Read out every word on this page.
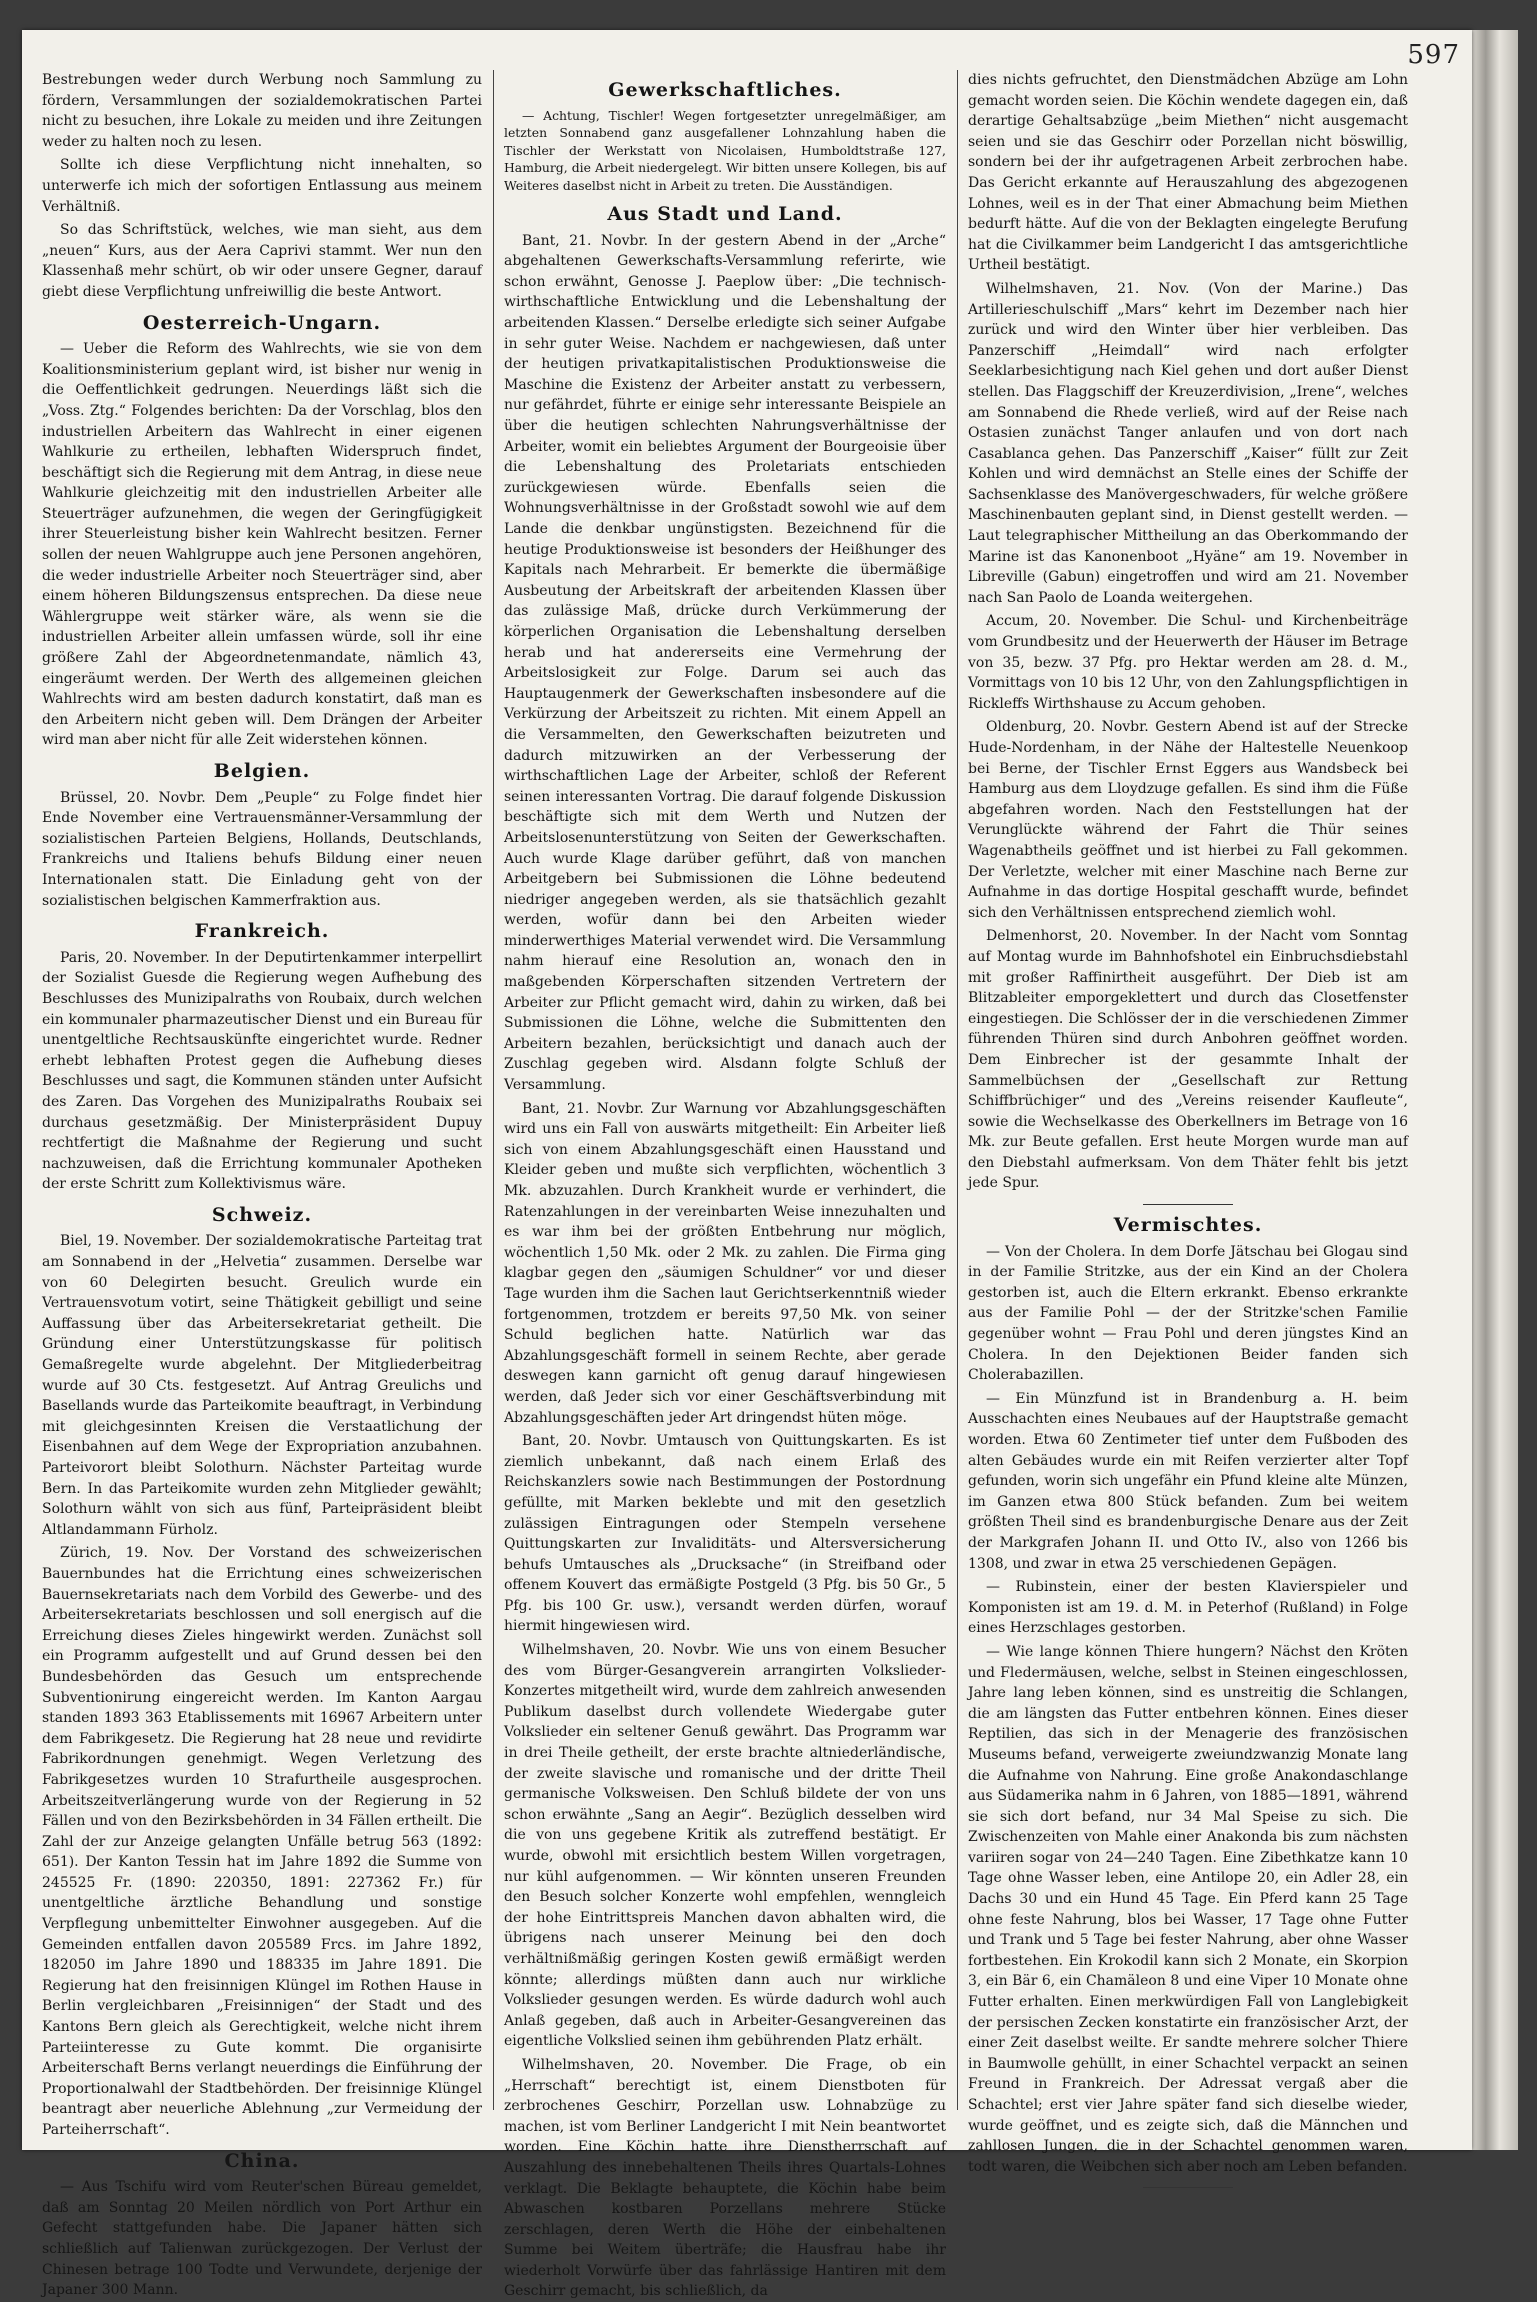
597

Bestrebungen weder durch Werbung noch Sammlung zu fördern, Versammlungen der sozialdemokratischen Partei nicht zu besuchen, ihre Lokale zu meiden und ihre Zeitungen weder zu halten noch zu lesen.

Sollte ich diese Verpflichtung nicht innehalten, so unterwerfe ich mich der sofortigen Entlassung aus meinem Verhältniß.

So das Schriftstück, welches, wie man sieht, aus dem „neuen“ Kurs, aus der Aera Caprivi stammt. Wer nun den Klassenhaß mehr schürt, ob wir oder unsere Gegner, darauf giebt diese Verpflichtung unfreiwillig die beste Antwort.

Oesterreich-Ungarn.

— Ueber die Reform des Wahlrechts, wie sie von dem Koalitionsministerium geplant wird, ist bisher nur wenig in die Oeffentlichkeit gedrungen. Neuerdings läßt sich die „Voss. Ztg.“ Folgendes berichten: Da der Vorschlag, blos den industriellen Arbeitern das Wahlrecht in einer eigenen Wahlkurie zu ertheilen, lebhaften Widerspruch findet, beschäftigt sich die Regierung mit dem Antrag, in diese neue Wahlkurie gleichzeitig mit den industriellen Arbeiter alle Steuerträger aufzunehmen, die wegen der Geringfügigkeit ihrer Steuerleistung bisher kein Wahlrecht besitzen. Ferner sollen der neuen Wahlgruppe auch jene Personen angehören, die weder industrielle Arbeiter noch Steuerträger sind, aber einem höheren Bildungszensus entsprechen. Da diese neue Wählergruppe weit stärker wäre, als wenn sie die industriellen Arbeiter allein umfassen würde, soll ihr eine größere Zahl der Abgeordnetenmandate, nämlich 43, eingeräumt werden. Der Werth des allgemeinen gleichen Wahlrechts wird am besten dadurch konstatirt, daß man es den Arbeitern nicht geben will. Dem Drängen der Arbeiter wird man aber nicht für alle Zeit widerstehen können.

Belgien.

Brüssel, 20. Novbr. Dem „Peuple“ zu Folge findet hier Ende November eine Vertrauensmänner-Versammlung der sozialistischen Parteien Belgiens, Hollands, Deutschlands, Frankreichs und Italiens behufs Bildung einer neuen Internationalen statt. Die Einladung geht von der sozialistischen belgischen Kammerfraktion aus.

Frankreich.

Paris, 20. November. In der Deputirtenkammer interpellirt der Sozialist Guesde die Regierung wegen Aufhebung des Beschlusses des Munizipalraths von Roubaix, durch welchen ein kommunaler pharmazeutischer Dienst und ein Bureau für unentgeltliche Rechtsauskünfte eingerichtet wurde. Redner erhebt lebhaften Protest gegen die Aufhebung dieses Beschlusses und sagt, die Kommunen ständen unter Aufsicht des Zaren. Das Vorgehen des Munizipalraths Roubaix sei durchaus gesetzmäßig. Der Ministerpräsident Dupuy rechtfertigt die Maßnahme der Regierung und sucht nachzuweisen, daß die Errichtung kommunaler Apotheken der erste Schritt zum Kollektivismus wäre.

Schweiz.

Biel, 19. November. Der sozialdemokratische Parteitag trat am Sonnabend in der „Helvetia“ zusammen. Derselbe war von 60 Delegirten besucht. Greulich wurde ein Vertrauensvotum votirt, seine Thätigkeit gebilligt und seine Auffassung über das Arbeitersekretariat getheilt. Die Gründung einer Unterstützungskasse für politisch Gemaßregelte wurde abgelehnt. Der Mitgliederbeitrag wurde auf 30 Cts. festgesetzt. Auf Antrag Greulichs und Basellands wurde das Parteikomite beauftragt, in Verbindung mit gleichgesinnten Kreisen die Verstaatlichung der Eisenbahnen auf dem Wege der Expropriation anzubahnen. Parteivorort bleibt Solothurn. Nächster Parteitag wurde Bern. In das Parteikomite wurden zehn Mitglieder gewählt; Solothurn wählt von sich aus fünf, Parteipräsident bleibt Altlandammann Fürholz.

Zürich, 19. Nov. Der Vorstand des schweizerischen Bauernbundes hat die Errichtung eines schweizerischen Bauernsekretariats nach dem Vorbild des Gewerbe- und des Arbeitersekretariats beschlossen und soll energisch auf die Erreichung dieses Zieles hingewirkt werden. Zunächst soll ein Programm aufgestellt und auf Grund dessen bei den Bundesbehörden das Gesuch um entsprechende Subventionirung eingereicht werden. Im Kanton Aargau standen 1893 363 Etablissements mit 16967 Arbeitern unter dem Fabrikgesetz. Die Regierung hat 28 neue und revidirte Fabrikordnungen genehmigt. Wegen Verletzung des Fabrikgesetzes wurden 10 Strafurtheile ausgesprochen. Arbeitszeitverlängerung wurde von der Regierung in 52 Fällen und von den Bezirksbehörden in 34 Fällen ertheilt. Die Zahl der zur Anzeige gelangten Unfälle betrug 563 (1892: 651). Der Kanton Tessin hat im Jahre 1892 die Summe von 245525 Fr. (1890: 220350, 1891: 227362 Fr.) für unentgeltliche ärztliche Behandlung und sonstige Verpflegung unbemittelter Einwohner ausgegeben. Auf die Gemeinden entfallen davon 205589 Frcs. im Jahre 1892, 182050 im Jahre 1890 und 188335 im Jahre 1891. Die Regierung hat den freisinnigen Klüngel im Rothen Hause in Berlin vergleichbaren „Freisinnigen“ der Stadt und des Kantons Bern gleich als Gerechtigkeit, welche nicht ihrem Parteiinteresse zu Gute kommt. Die organisirte Arbeiterschaft Berns verlangt neuerdings die Einführung der Proportionalwahl der Stadtbehörden. Der freisinnige Klüngel beantragt aber neuerliche Ablehnung „zur Vermeidung der Parteiherrschaft“.

China.

— Aus Tschifu wird vom Reuter'schen Büreau gemeldet, daß am Sonntag 20 Meilen nördlich von Port Arthur ein Gefecht stattgefunden habe. Die Japaner hätten sich schließlich auf Talienwan zurückgezogen. Der Verlust der Chinesen betrage 100 Todte und Verwundete, derjenige der Japaner 300 Mann.

Gewerkschaftliches.

— Achtung, Tischler! Wegen fortgesetzter unregelmäßiger, am letzten Sonnabend ganz ausgefallener Lohnzahlung haben die Tischler der Werkstatt von Nicolaisen, Humboldtstraße 127, Hamburg, die Arbeit niedergelegt. Wir bitten unsere Kollegen, bis auf Weiteres daselbst nicht in Arbeit zu treten. Die Ausständigen.

Aus Stadt und Land.

Bant, 21. Novbr. In der gestern Abend in der „Arche“ abgehaltenen Gewerkschafts-Versammlung referirte, wie schon erwähnt, Genosse J. Paeplow über: „Die technisch-wirthschaftliche Entwicklung und die Lebenshaltung der arbeitenden Klassen.“ Derselbe erledigte sich seiner Aufgabe in sehr guter Weise. Nachdem er nachgewiesen, daß unter der heutigen privatkapitalistischen Produktionsweise die Maschine die Existenz der Arbeiter anstatt zu verbessern, nur gefährdet, führte er einige sehr interessante Beispiele an über die heutigen schlechten Nahrungsverhältnisse der Arbeiter, womit ein beliebtes Argument der Bourgeoisie über die Lebenshaltung des Proletariats entschieden zurückgewiesen würde. Ebenfalls seien die Wohnungsverhältnisse in der Großstadt sowohl wie auf dem Lande die denkbar ungünstigsten. Bezeichnend für die heutige Produktionsweise ist besonders der Heißhunger des Kapitals nach Mehrarbeit. Er bemerkte die übermäßige Ausbeutung der Arbeitskraft der arbeitenden Klassen über das zulässige Maß, drücke durch Verkümmerung der körperlichen Organisation die Lebenshaltung derselben herab und hat andererseits eine Vermehrung der Arbeitslosigkeit zur Folge. Darum sei auch das Hauptaugenmerk der Gewerkschaften insbesondere auf die Verkürzung der Arbeitszeit zu richten. Mit einem Appell an die Versammelten, den Gewerkschaften beizutreten und dadurch mitzuwirken an der Verbesserung der wirthschaftlichen Lage der Arbeiter, schloß der Referent seinen interessanten Vortrag. Die darauf folgende Diskussion beschäftigte sich mit dem Werth und Nutzen der Arbeitslosenunterstützung von Seiten der Gewerkschaften. Auch wurde Klage darüber geführt, daß von manchen Arbeitgebern bei Submissionen die Löhne bedeutend niedriger angegeben werden, als sie thatsächlich gezahlt werden, wofür dann bei den Arbeiten wieder minderwerthiges Material verwendet wird. Die Versammlung nahm hierauf eine Resolution an, wonach den in maßgebenden Körperschaften sitzenden Vertretern der Arbeiter zur Pflicht gemacht wird, dahin zu wirken, daß bei Submissionen die Löhne, welche die Submittenten den Arbeitern bezahlen, berücksichtigt und danach auch der Zuschlag gegeben wird. Alsdann folgte Schluß der Versammlung.

Bant, 21. Novbr. Zur Warnung vor Abzahlungsgeschäften wird uns ein Fall von auswärts mitgetheilt: Ein Arbeiter ließ sich von einem Abzahlungsgeschäft einen Hausstand und Kleider geben und mußte sich verpflichten, wöchentlich 3 Mk. abzuzahlen. Durch Krankheit wurde er verhindert, die Ratenzahlungen in der vereinbarten Weise innezuhalten und es war ihm bei der größten Entbehrung nur möglich, wöchentlich 1,50 Mk. oder 2 Mk. zu zahlen. Die Firma ging klagbar gegen den „säumigen Schuldner“ vor und dieser Tage wurden ihm die Sachen laut Gerichtserkenntniß wieder fortgenommen, trotzdem er bereits 97,50 Mk. von seiner Schuld beglichen hatte. Natürlich war das Abzahlungsgeschäft formell in seinem Rechte, aber gerade deswegen kann garnicht oft genug darauf hingewiesen werden, daß Jeder sich vor einer Geschäftsverbindung mit Abzahlungsgeschäften jeder Art dringendst hüten möge.

Bant, 20. Novbr. Umtausch von Quittungskarten. Es ist ziemlich unbekannt, daß nach einem Erlaß des Reichskanzlers sowie nach Bestimmungen der Postordnung gefüllte, mit Marken beklebte und mit den gesetzlich zulässigen Eintragungen oder Stempeln versehene Quittungskarten zur Invaliditäts- und Altersversicherung behufs Umtausches als „Drucksache“ (in Streifband oder offenem Kouvert das ermäßigte Postgeld (3 Pfg. bis 50 Gr., 5 Pfg. bis 100 Gr. usw.), versandt werden dürfen, worauf hiermit hingewiesen wird.

Wilhelmshaven, 20. Novbr. Wie uns von einem Besucher des vom Bürger-Gesangverein arrangirten Volkslieder-Konzertes mitgetheilt wird, wurde dem zahlreich anwesenden Publikum daselbst durch vollendete Wiedergabe guter Volkslieder ein seltener Genuß gewährt. Das Programm war in drei Theile getheilt, der erste brachte altniederländische, der zweite slavische und romanische und der dritte Theil germanische Volksweisen. Den Schluß bildete der von uns schon erwähnte „Sang an Aegir“. Bezüglich desselben wird die von uns gegebene Kritik als zutreffend bestätigt. Er wurde, obwohl mit ersichtlich bestem Willen vorgetragen, nur kühl aufgenommen. — Wir könnten unseren Freunden den Besuch solcher Konzerte wohl empfehlen, wenngleich der hohe Eintrittspreis Manchen davon abhalten wird, die übrigens nach unserer Meinung bei den doch verhältnißmäßig geringen Kosten gewiß ermäßigt werden könnte; allerdings müßten dann auch nur wirkliche Volkslieder gesungen werden. Es würde dadurch wohl auch Anlaß gegeben, daß auch in Arbeiter-Gesangvereinen das eigentliche Volkslied seinen ihm gebührenden Platz erhält.

Wilhelmshaven, 20. November. Die Frage, ob ein „Herrschaft“ berechtigt ist, einem Dienstboten für zerbrochenes Geschirr, Porzellan usw. Lohnabzüge zu machen, ist vom Berliner Landgericht I mit Nein beantwortet worden. Eine Köchin hatte ihre Dienstherrschaft auf Auszahlung des innebehaltenen Theils ihres Quartals-Lohnes verklagt. Die Beklagte behauptete, die Köchin habe beim Abwaschen kostbaren Porzellans mehrere Stücke zerschlagen, deren Werth die Höhe der einbehaltenen Summe bei Weitem überträfe; die Hausfrau habe ihr wiederholt Vorwürfe über das fahrlässige Hantiren mit dem Geschirr gemacht, bis schließlich, da

dies nichts gefruchtet, den Dienstmädchen Abzüge am Lohn gemacht worden seien. Die Köchin wendete dagegen ein, daß derartige Gehaltsabzüge „beim Miethen“ nicht ausgemacht seien und sie das Geschirr oder Porzellan nicht böswillig, sondern bei der ihr aufgetragenen Arbeit zerbrochen habe. Das Gericht erkannte auf Herauszahlung des abgezogenen Lohnes, weil es in der That einer Abmachung beim Miethen bedurft hätte. Auf die von der Beklagten eingelegte Berufung hat die Civilkammer beim Landgericht I das amtsgerichtliche Urtheil bestätigt.

Wilhelmshaven, 21. Nov. (Von der Marine.) Das Artillerieschulschiff „Mars“ kehrt im Dezember nach hier zurück und wird den Winter über hier verbleiben. Das Panzerschiff „Heimdall“ wird nach erfolgter Seeklarbesichtigung nach Kiel gehen und dort außer Dienst stellen. Das Flaggschiff der Kreuzerdivision, „Irene“, welches am Sonnabend die Rhede verließ, wird auf der Reise nach Ostasien zunächst Tanger anlaufen und von dort nach Casablanca gehen. Das Panzerschiff „Kaiser“ füllt zur Zeit Kohlen und wird demnächst an Stelle eines der Schiffe der Sachsenklasse des Manövergeschwaders, für welche größere Maschinenbauten geplant sind, in Dienst gestellt werden. — Laut telegraphischer Mittheilung an das Oberkommando der Marine ist das Kanonenboot „Hyäne“ am 19. November in Libreville (Gabun) eingetroffen und wird am 21. November nach San Paolo de Loanda weitergehen.

Accum, 20. November. Die Schul- und Kirchenbeiträge vom Grundbesitz und der Heuerwerth der Häuser im Betrage von 35, bezw. 37 Pfg. pro Hektar werden am 28. d. M., Vormittags von 10 bis 12 Uhr, von den Zahlungspflichtigen in Rickleffs Wirthshause zu Accum gehoben.

Oldenburg, 20. Novbr. Gestern Abend ist auf der Strecke Hude-Nordenham, in der Nähe der Haltestelle Neuenkoop bei Berne, der Tischler Ernst Eggers aus Wandsbeck bei Hamburg aus dem Lloydzuge gefallen. Es sind ihm die Füße abgefahren worden. Nach den Feststellungen hat der Verunglückte während der Fahrt die Thür seines Wagenabtheils geöffnet und ist hierbei zu Fall gekommen. Der Verletzte, welcher mit einer Maschine nach Berne zur Aufnahme in das dortige Hospital geschafft wurde, befindet sich den Verhältnissen entsprechend ziemlich wohl.

Delmenhorst, 20. November. In der Nacht vom Sonntag auf Montag wurde im Bahnhofshotel ein Einbruchsdiebstahl mit großer Raffinirtheit ausgeführt. Der Dieb ist am Blitzableiter emporgeklettert und durch das Closetfenster eingestiegen. Die Schlösser der in die verschiedenen Zimmer führenden Thüren sind durch Anbohren geöffnet worden. Dem Einbrecher ist der gesammte Inhalt der Sammelbüchsen der „Gesellschaft zur Rettung Schiffbrüchiger“ und des „Vereins reisender Kaufleute“, sowie die Wechselkasse des Oberkellners im Betrage von 16 Mk. zur Beute gefallen. Erst heute Morgen wurde man auf den Diebstahl aufmerksam. Von dem Thäter fehlt bis jetzt jede Spur.

Vermischtes.

— Von der Cholera. In dem Dorfe Jätschau bei Glogau sind in der Familie Stritzke, aus der ein Kind an der Cholera gestorben ist, auch die Eltern erkrankt. Ebenso erkrankte aus der Familie Pohl — der der Stritzke'schen Familie gegenüber wohnt — Frau Pohl und deren jüngstes Kind an Cholera. In den Dejektionen Beider fanden sich Cholerabazillen.

— Ein Münzfund ist in Brandenburg a. H. beim Ausschachten eines Neubaues auf der Hauptstraße gemacht worden. Etwa 60 Zentimeter tief unter dem Fußboden des alten Gebäudes wurde ein mit Reifen verzierter alter Topf gefunden, worin sich ungefähr ein Pfund kleine alte Münzen, im Ganzen etwa 800 Stück befanden. Zum bei weitem größten Theil sind es brandenburgische Denare aus der Zeit der Markgrafen Johann II. und Otto IV., also von 1266 bis 1308, und zwar in etwa 25 verschiedenen Gepägen.

— Rubinstein, einer der besten Klavierspieler und Komponisten ist am 19. d. M. in Peterhof (Rußland) in Folge eines Herzschlages gestorben.

— Wie lange können Thiere hungern? Nächst den Kröten und Fledermäusen, welche, selbst in Steinen eingeschlossen, Jahre lang leben können, sind es unstreitig die Schlangen, die am längsten das Futter entbehren können. Eines dieser Reptilien, das sich in der Menagerie des französischen Museums befand, verweigerte zweiundzwanzig Monate lang die Aufnahme von Nahrung. Eine große Anakondaschlange aus Südamerika nahm in 6 Jahren, von 1885—1891, während sie sich dort befand, nur 34 Mal Speise zu sich. Die Zwischenzeiten von Mahle einer Anakonda bis zum nächsten variiren sogar von 24—240 Tagen. Eine Zibethkatze kann 10 Tage ohne Wasser leben, eine Antilope 20, ein Adler 28, ein Dachs 30 und ein Hund 45 Tage. Ein Pferd kann 25 Tage ohne feste Nahrung, blos bei Wasser, 17 Tage ohne Futter und Trank und 5 Tage bei fester Nahrung, aber ohne Wasser fortbestehen. Ein Krokodil kann sich 2 Monate, ein Skorpion 3, ein Bär 6, ein Chamäleon 8 und eine Viper 10 Monate ohne Futter erhalten. Einen merkwürdigen Fall von Langlebigkeit der persischen Zecken konstatirte ein französischer Arzt, der einer Zeit daselbst weilte. Er sandte mehrere solcher Thiere in Baumwolle gehüllt, in einer Schachtel verpackt an seinen Freund in Frankreich. Der Adressat vergaß aber die Schachtel; erst vier Jahre später fand sich dieselbe wieder, wurde geöffnet, und es zeigte sich, daß die Männchen und zahllosen Jungen, die in der Schachtel genommen waren, todt waren, die Weibchen sich aber noch am Leben befanden.
